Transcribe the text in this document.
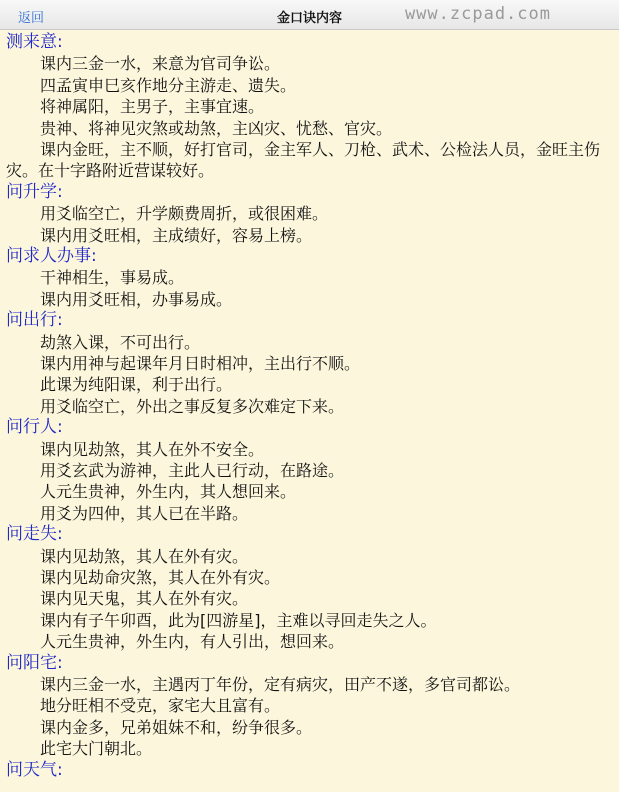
返回	金口诀内容	www.zcpad.com
测来意:
课内三金一水，来意为官司争讼。
四孟寅申巳亥作地分主游走、遗失。
将神属阳，主男子，主事宜速。
贵神、将神见灾煞或劫煞，主凶灾、忧愁、官灾。
课内金旺，主不顺，好打官司，金主军人、刀枪、武术、公检法人员，金旺主伤灾。在十字路附近营谋较好。
问升学:
用爻临空亡，升学颇费周折，或很困难。
课内用爻旺相，主成绩好，容易上榜。
问求人办事:
干神相生，事易成。
课内用爻旺相，办事易成。
问出行:
劫煞入课，不可出行。
课内用神与起课年月日时相冲，主出行不顺。
此课为纯阳课，利于出行。
用爻临空亡，外出之事反复多次难定下来。
问行人:
课内见劫煞，其人在外不安全。
用爻玄武为游神，主此人已行动，在路途。
人元生贵神，外生内，其人想回来。
用爻为四仲，其人已在半路。
问走失:
课内见劫煞，其人在外有灾。
课内见劫命灾煞，其人在外有灾。
课内见天鬼，其人在外有灾。
课内有子午卯酉，此为[四游星]，主难以寻回走失之人。
人元生贵神，外生内，有人引出，想回来。
问阳宅:
课内三金一水，主遇丙丁年份，定有病灾，田产不遂，多官司都讼。
地分旺相不受克，家宅大且富有。
课内金多，兄弟姐妹不和，纷争很多。
此宅大门朝北。
问天气:
